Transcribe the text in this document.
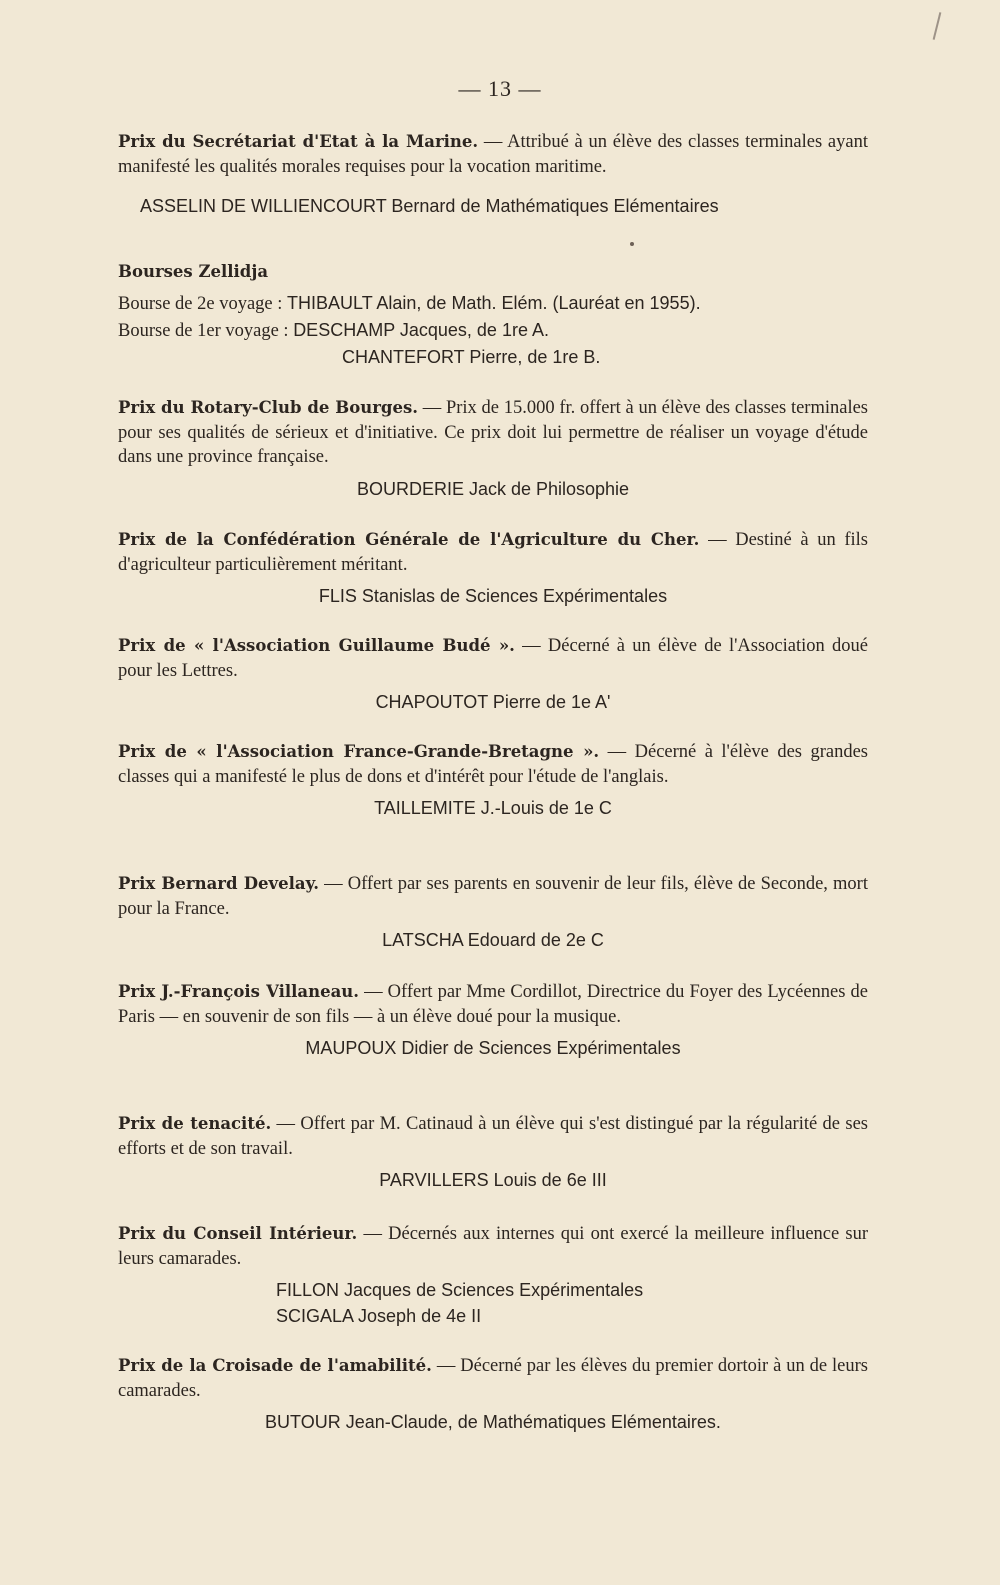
— 13 —

Prix du Secrétariat d'Etat à la Marine. — Attribué à un élève des classes terminales ayant manifesté les qualités morales requises pour la vocation maritime.

ASSELIN DE WILLIENCOURT Bernard de Mathématiques Elémentaires

Bourses Zellidja

Bourse de 2e voyage : THIBAULT Alain, de Math. Elém. (Lauréat en 1955).

Bourse de 1er voyage : DESCHAMP Jacques, de 1re A.

CHANTEFORT Pierre, de 1re B.

Prix du Rotary-Club de Bourges. — Prix de 15.000 fr. offert à un élève des classes terminales pour ses qualités de sérieux et d'initiative. Ce prix doit lui permettre de réaliser un voyage d'étude dans une province française.

BOURDERIE Jack de Philosophie

Prix de la Confédération Générale de l'Agriculture du Cher. — Destiné à un fils d'agriculteur particulièrement méritant.

FLIS Stanislas de Sciences Expérimentales

Prix de « l'Association Guillaume Budé ». — Décerné à un élève de l'Association doué pour les Lettres.

CHAPOUTOT Pierre de 1e A'

Prix de « l'Association France-Grande-Bretagne ». — Décerné à l'élève des grandes classes qui a manifesté le plus de dons et d'intérêt pour l'étude de l'anglais.

TAILLEMITE J.-Louis de 1e C

Prix Bernard Develay. — Offert par ses parents en souvenir de leur fils, élève de Seconde, mort pour la France.

LATSCHA Edouard de 2e C

Prix J.-François Villaneau. — Offert par Mme Cordillot, Directrice du Foyer des Lycéennes de Paris — en souvenir de son fils — à un élève doué pour la musique.

MAUPOUX Didier de Sciences Expérimentales

Prix de tenacité. — Offert par M. Catinaud à un élève qui s'est distingué par la régularité de ses efforts et de son travail.

PARVILLERS Louis de 6e III

Prix du Conseil Intérieur. — Décernés aux internes qui ont exercé la meilleure influence sur leurs camarades.

FILLON Jacques de Sciences Expérimentales

SCIGALA Joseph de 4e II

Prix de la Croisade de l'amabilité. — Décerné par les élèves du premier dortoir à un de leurs camarades.

BUTOUR Jean-Claude, de Mathématiques Elémentaires.
